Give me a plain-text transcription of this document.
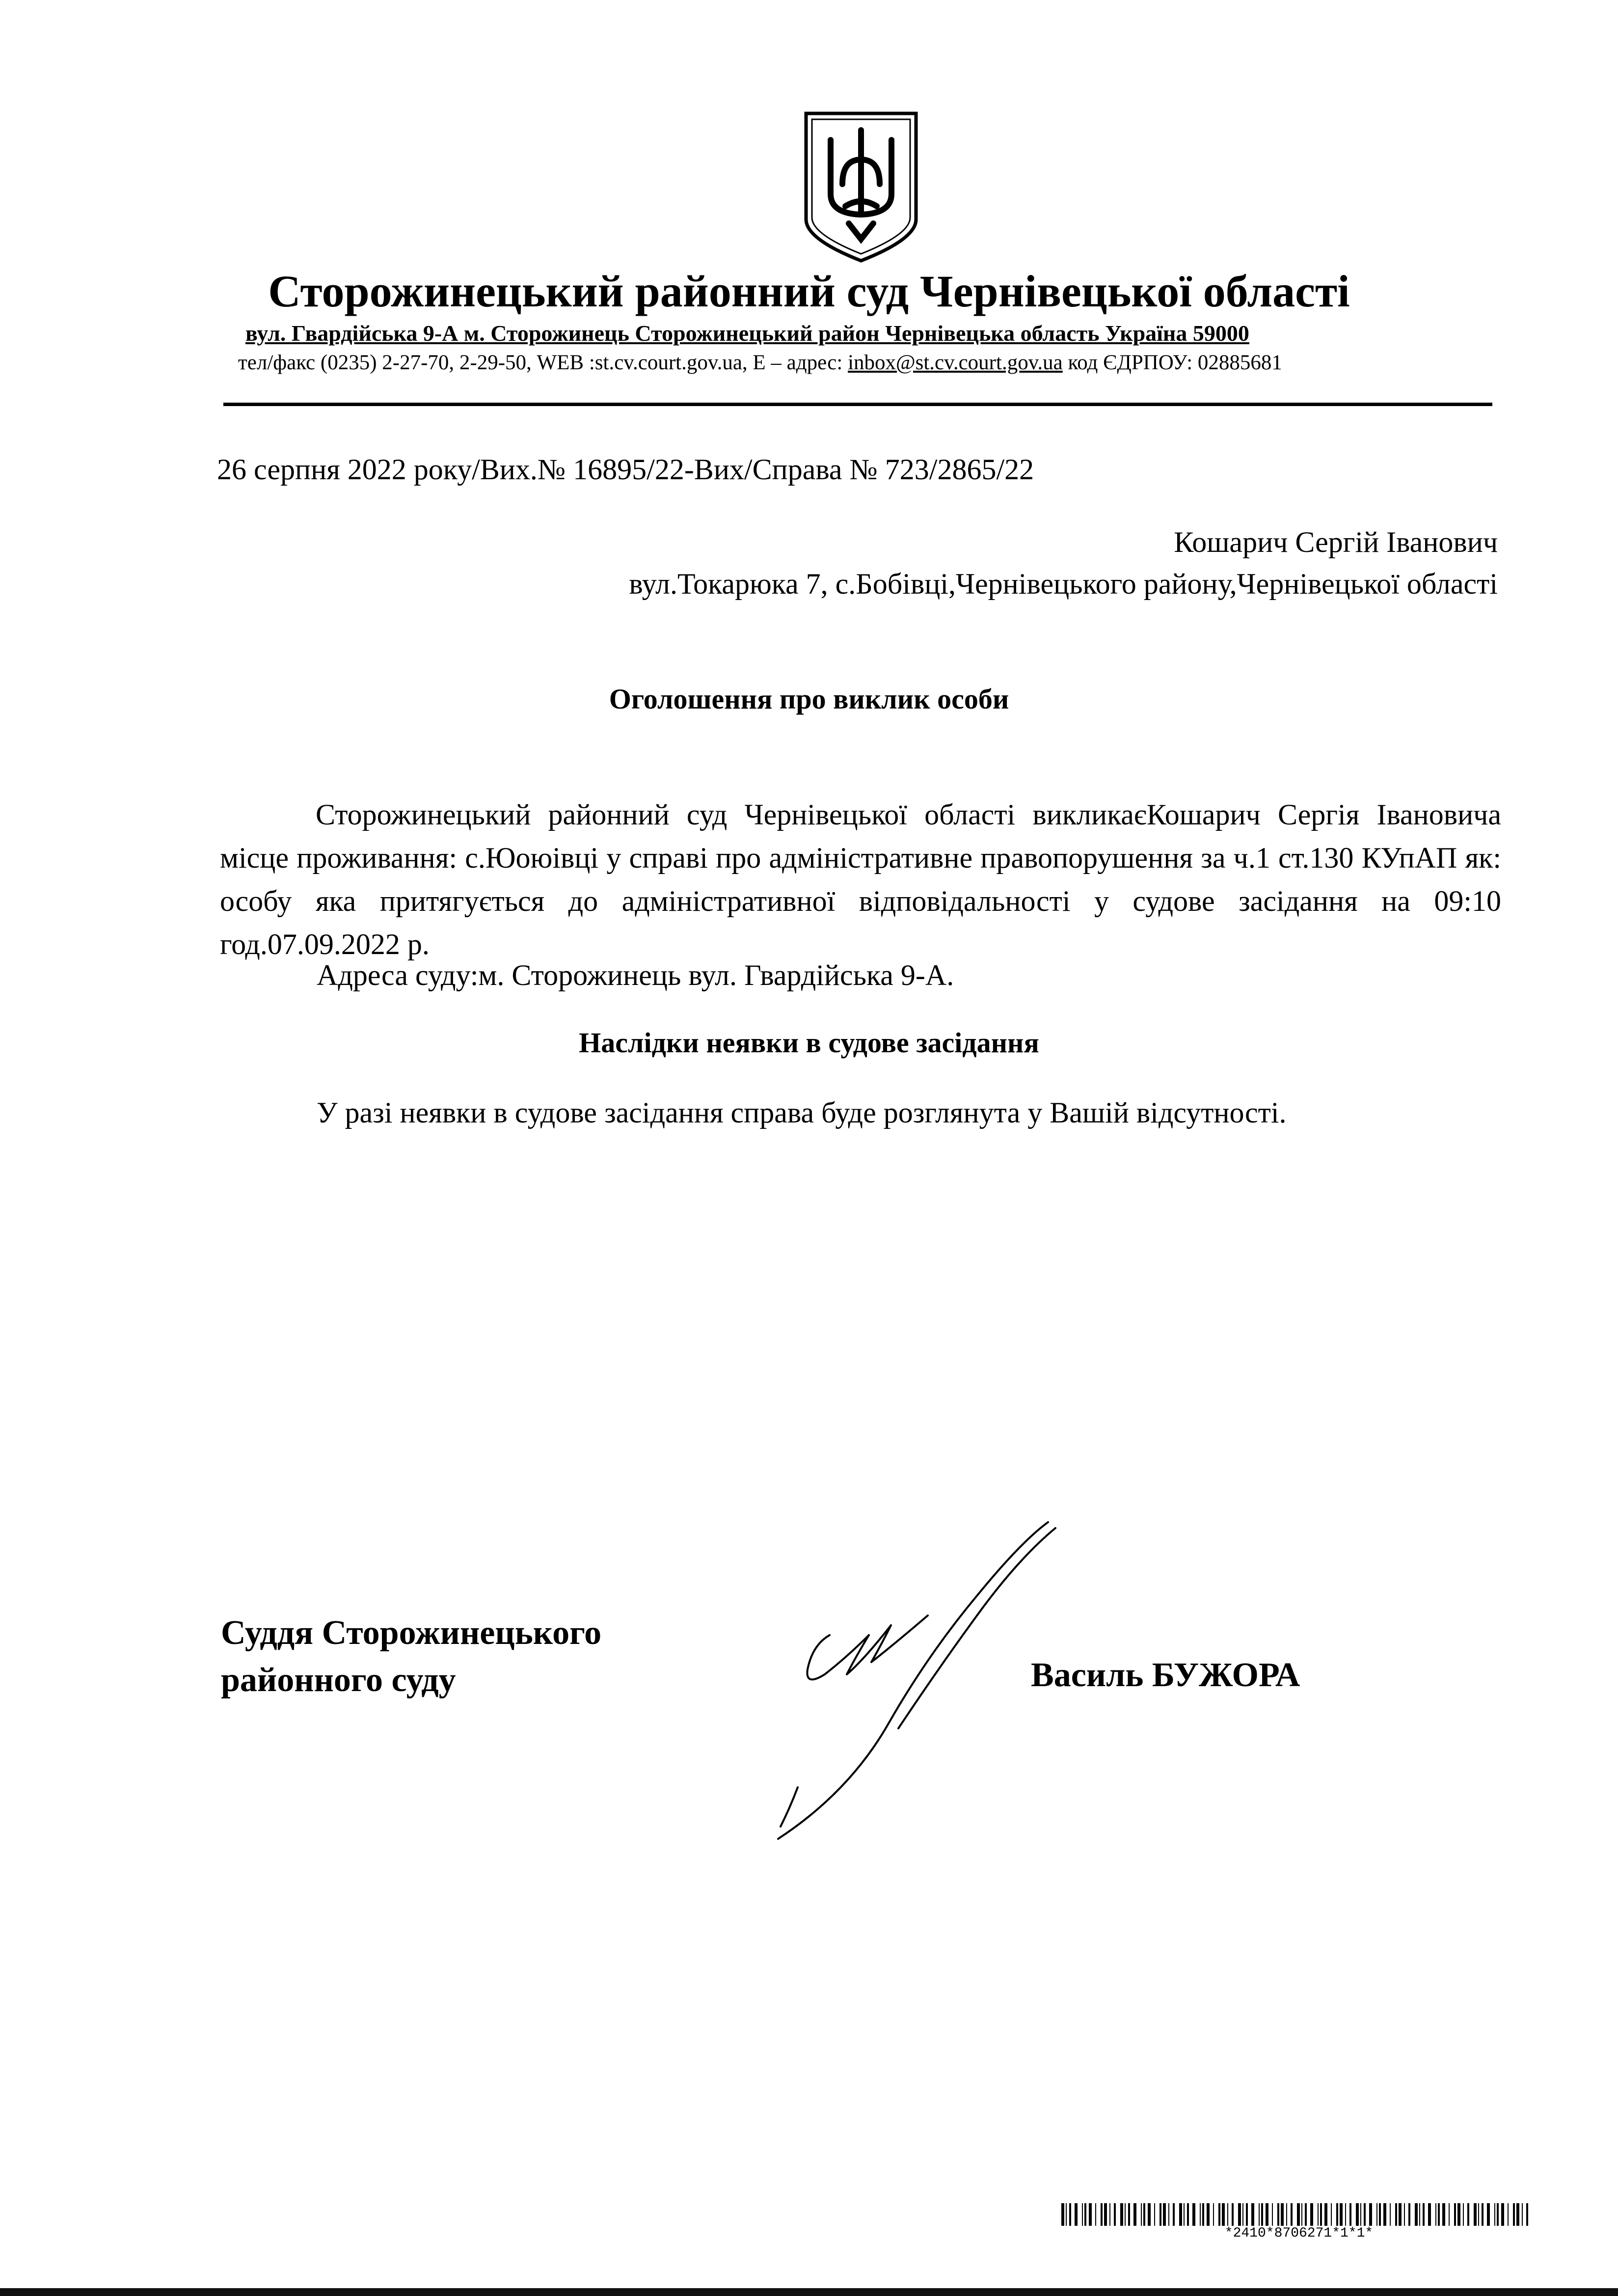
Сторожинецький районний суд Чернівецької області
вул. Гвардійська 9-А м. Сторожинець Сторожинецький район Чернівецька область Україна 59000
тел/факс (0235) 2-27-70, 2-29-50, WEB :st.cv.court.gov.ua, E – адрес: inbox@st.cv.court.gov.ua код ЄДРПОУ: 02885681
26 серпня 2022 року/Вих.№ 16895/22-Вих/Справа № 723/2865/22
Кошарич Сергій Іванович
вул.Токарюка 7, с.Бобівці,Чернівецького району,Чернівецької області
Оголошення про виклик особи
Сторожинецький районний суд Чернівецької області викликаєКошарич Сергія Івановича місце проживання: с.Юоюівці у справі про адміністративне правопорушення за ч.1 ст.130 КУпАП як: особу яка притягується до адміністративної відповідальності у судове засідання на 09:10 год.07.09.2022 р.
Адреса суду:м. Сторожинець вул. Гвардійська 9-А.
Наслідки неявки в судове засідання
У разі неявки в судове засідання справа буде розглянута у Вашій відсутності.
Суддя Сторожинецького
районного суду	Василь БУЖОРА
*2410*8706271*1*1*
